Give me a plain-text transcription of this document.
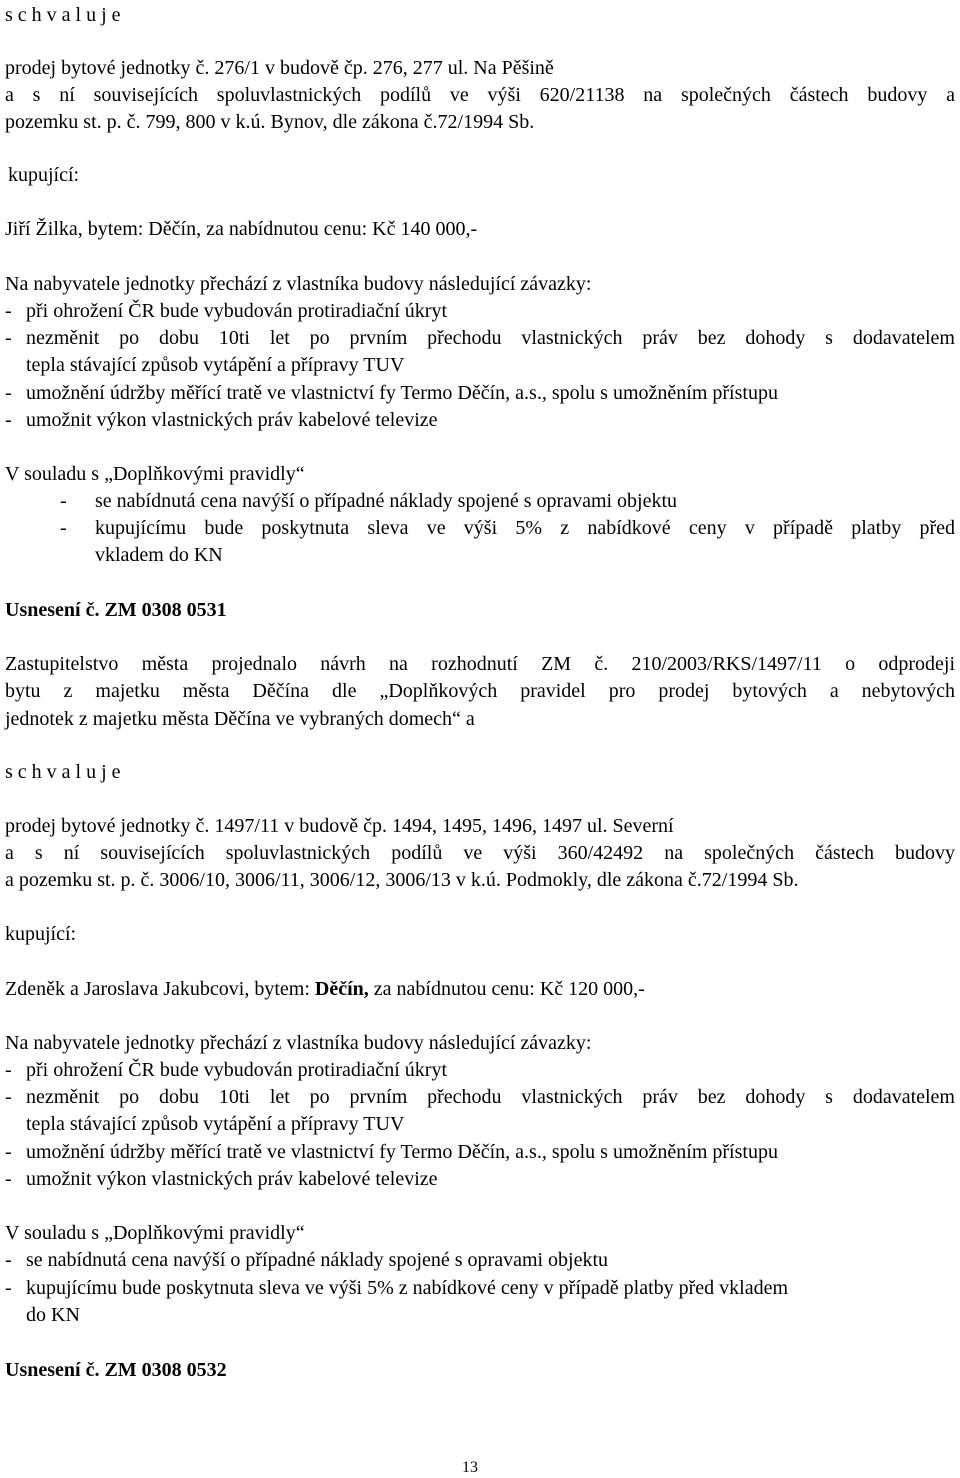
s c h v a l u j e
prodej bytové jednotky č. 276/1 v budově čp. 276, 277 ul. Na Pěšině
a s ní souvisejících spoluvlastnických podílů ve výši 620/21138 na společných částech budovy a
pozemku st. p. č. 799, 800 v k.ú. Bynov, dle zákona č.72/1994 Sb.
kupující:
Jiří Žilka, bytem: Děčín, za nabídnutou cenu: Kč 140 000,-
Na nabyvatele jednotky přechází z vlastníka budovy následující závazky:
- při ohrožení ČR bude vybudován protiradiační úkryt
- nezměnit po dobu 10ti let po prvním přechodu vlastnických práv bez dohody s dodavatelem
tepla stávající způsob vytápění a přípravy TUV
- umožnění údržby měřící tratě ve vlastnictví fy Termo Děčín, a.s., spolu s umožněním přístupu
- umožnit výkon vlastnických práv kabelové televize
V souladu s „Doplňkovými pravidly“
- se nabídnutá cena navýší o případné náklady spojené s opravami objektu
- kupujícímu bude poskytnuta sleva ve výši 5% z nabídkové ceny v případě platby před
vkladem do KN
Usnesení č. ZM 0308 0531
Zastupitelstvo města projednalo návrh na rozhodnutí ZM č. 210/2003/RKS/1497/11 o odprodeji
bytu z majetku města Děčína dle „Doplňkových pravidel pro prodej bytových a nebytových
jednotek z majetku města Děčína ve vybraných domech“ a
s c h v a l u j e
prodej bytové jednotky č. 1497/11 v budově čp. 1494, 1495, 1496, 1497 ul. Severní
a s ní souvisejících spoluvlastnických podílů ve výši 360/42492 na společných částech budovy
a pozemku st. p. č. 3006/10, 3006/11, 3006/12, 3006/13 v k.ú. Podmokly, dle zákona č.72/1994 Sb.
kupující:
Zdeněk a Jaroslava Jakubcovi, bytem: Děčín, za nabídnutou cenu: Kč 120 000,-
Na nabyvatele jednotky přechází z vlastníka budovy následující závazky:
- při ohrožení ČR bude vybudován protiradiační úkryt
- nezměnit po dobu 10ti let po prvním přechodu vlastnických práv bez dohody s dodavatelem
tepla stávající způsob vytápění a přípravy TUV
- umožnění údržby měřící tratě ve vlastnictví fy Termo Děčín, a.s., spolu s umožněním přístupu
- umožnit výkon vlastnických práv kabelové televize
V souladu s „Doplňkovými pravidly“
- se nabídnutá cena navýší o případné náklady spojené s opravami objektu
- kupujícímu bude poskytnuta sleva ve výši 5% z nabídkové ceny v případě platby před vkladem
do KN
Usnesení č. ZM 0308 0532
13
